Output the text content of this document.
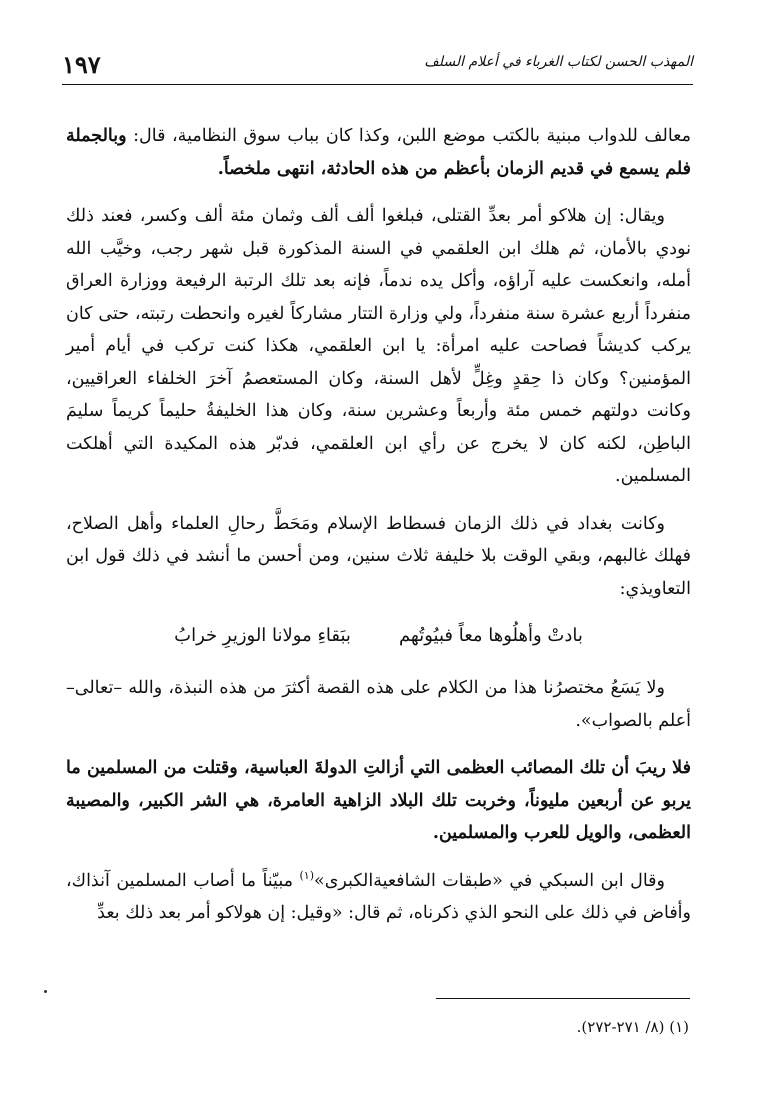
١٩٧	المهذب الحسن لكتاب الغرباء في أعلام السلف

معالف للدواب مبنية بالكتب موضع اللبن، وكذا كان بباب سوق النظامية، قال: وبالجملة فلم يسمع في قديم الزمان بأعظم من هذه الحادثة، انتهى ملخصاً.

ويقال: إن هلاكو أمر بعدِّ القتلى، فبلغوا ألف ألف وثمان مئة ألف وكسر، فعند ذلك نودي بالأمان، ثم هلك ابن العلقمي في السنة المذكورة قبل شهر رجب، وخيَّب الله أمله، وانعكست عليه آراؤه، وأكل يده ندماً، فإنه بعد تلك الرتبة الرفيعة ووزارة العراق منفرداً أربع عشرة سنة منفرداً، ولي وزارة التتار مشاركاً لغيره وانحطت رتبته، حتى كان يركب كديشاً فصاحت عليه امرأة: يا ابن العلقمي، هكذا كنت تركب في أيام أمير المؤمنين؟ وكان ذا حِقدٍ وغِلٍّ لأهل السنة، وكان المستعصمُ آخرَ الخلفاء العراقيين، وكانت دولتهم خمس مئة وأربعاً وعشرين سنة، وكان هذا الخليفةُ حليماً كريماً سليمَ الباطِن، لكنه كان لا يخرج عن رأي ابن العلقمي، فدبّر هذه المكيدة التي أهلكت المسلمين.

وكانت بغداد في ذلك الزمان فسطاط الإسلام ومَحَطَّ رحالِ العلماء وأهل الصلاح، فهلك غالبهم، وبقي الوقت بلا خليفة ثلاث سنين، ومن أحسن ما أنشد في ذلك قول ابن التعاويذي:

بادتْ وأهلُوها معاً فبيُوتُهم
ببَقاءِ مولانا الوزيرِ خرابُ

ولا يَسَعُ مختصرُنا هذا من الكلام على هذه القصة أكثرَ من هذه النبذة، والله –تعالى– أعلم بالصواب».

فلا ريبَ أن تلك المصائب العظمى التي أزالتِ الدولةَ العباسية، وقتلت من المسلمين ما يربو عن أربعين مليوناً، وخربت تلك البلاد الزاهية العامرة، هي الشر الكبير، والمصيبة العظمى، والويل للعرب والمسلمين.

وقال ابن السبكي في «طبقات الشافعيةالكبرى»$^{(١)}$ مبيّناً ما أصاب المسلمين آنذاك، وأفاض في ذلك على النحو الذي ذكرناه، ثم قال: «وقيل: إن هولاكو أمر بعد ذلك بعدِّ

(١) (٨/ ٢٧١-٢٧٢).
